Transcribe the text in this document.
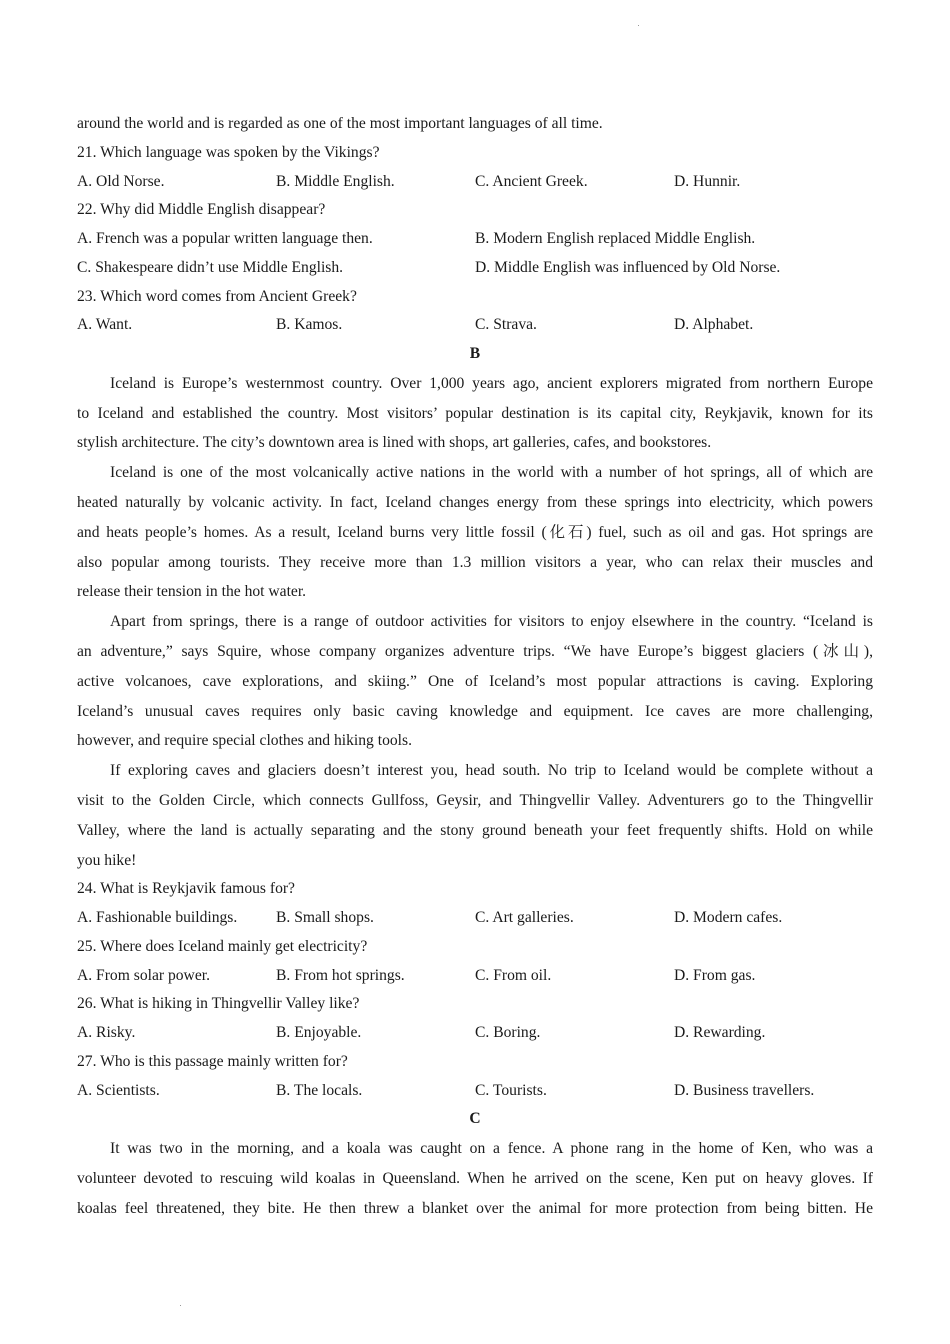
around the world and is regarded as one of the most important languages of all time.
21. Which language was spoken by the Vikings?
A. Old Norse.	B. Middle English.	C. Ancient Greek.	D. Hunnir.
22. Why did Middle English disappear?
A. French was a popular written language then.	B. Modern English replaced Middle English.
C. Shakespeare didn’t use Middle English.	D. Middle English was influenced by Old Norse.
23. Which word comes from Ancient Greek?
A. Want.	B. Kamos.	C. Strava.	D. Alphabet.
B
Iceland is Europe’s westernmost country. Over 1,000 years ago, ancient explorers migrated from northern Europe
to Iceland and established the country. Most visitors’ popular destination is its capital city, Reykjavik, known for its
stylish architecture. The city’s downtown area is lined with shops, art galleries, cafes, and bookstores.
Iceland is one of the most volcanically active nations in the world with a number of hot springs, all of which are
heated naturally by volcanic activity. In fact, Iceland changes energy from these springs into electricity, which powers
and heats people’s homes. As a result, Iceland burns very little fossil (化石) fuel, such as oil and gas. Hot springs are
also popular among tourists. They receive more than 1.3 million visitors a year, who can relax their muscles and
release their tension in the hot water.
Apart from springs, there is a range of outdoor activities for visitors to enjoy elsewhere in the country. “Iceland is
an adventure,” says Squire, whose company organizes adventure trips. “We have Europe’s biggest glaciers (冰山),
active volcanoes, cave explorations, and skiing.” One of Iceland’s most popular attractions is caving. Exploring
Iceland’s unusual caves requires only basic caving knowledge and equipment. Ice caves are more challenging,
however, and require special clothes and hiking tools.
If exploring caves and glaciers doesn’t interest you, head south. No trip to Iceland would be complete without a
visit to the Golden Circle, which connects Gullfoss, Geysir, and Thingvellir Valley. Adventurers go to the Thingvellir
Valley, where the land is actually separating and the stony ground beneath your feet frequently shifts. Hold on while
you hike!
24. What is Reykjavik famous for?
A. Fashionable buildings.	B. Small shops.	C. Art galleries.	D. Modern cafes.
25. Where does Iceland mainly get electricity?
A. From solar power.	B. From hot springs.	C. From oil.	D. From gas.
26. What is hiking in Thingvellir Valley like?
A. Risky.	B. Enjoyable.	C. Boring.	D. Rewarding.
27. Who is this passage mainly written for?
A. Scientists.	B. The locals.	C. Tourists.	D. Business travellers.
C
It was two in the morning, and a koala was caught on a fence. A phone rang in the home of Ken, who was a
volunteer devoted to rescuing wild koalas in Queensland. When he arrived on the scene, Ken put on heavy gloves. If
koalas feel threatened, they bite. He then threw a blanket over the animal for more protection from being bitten. He
